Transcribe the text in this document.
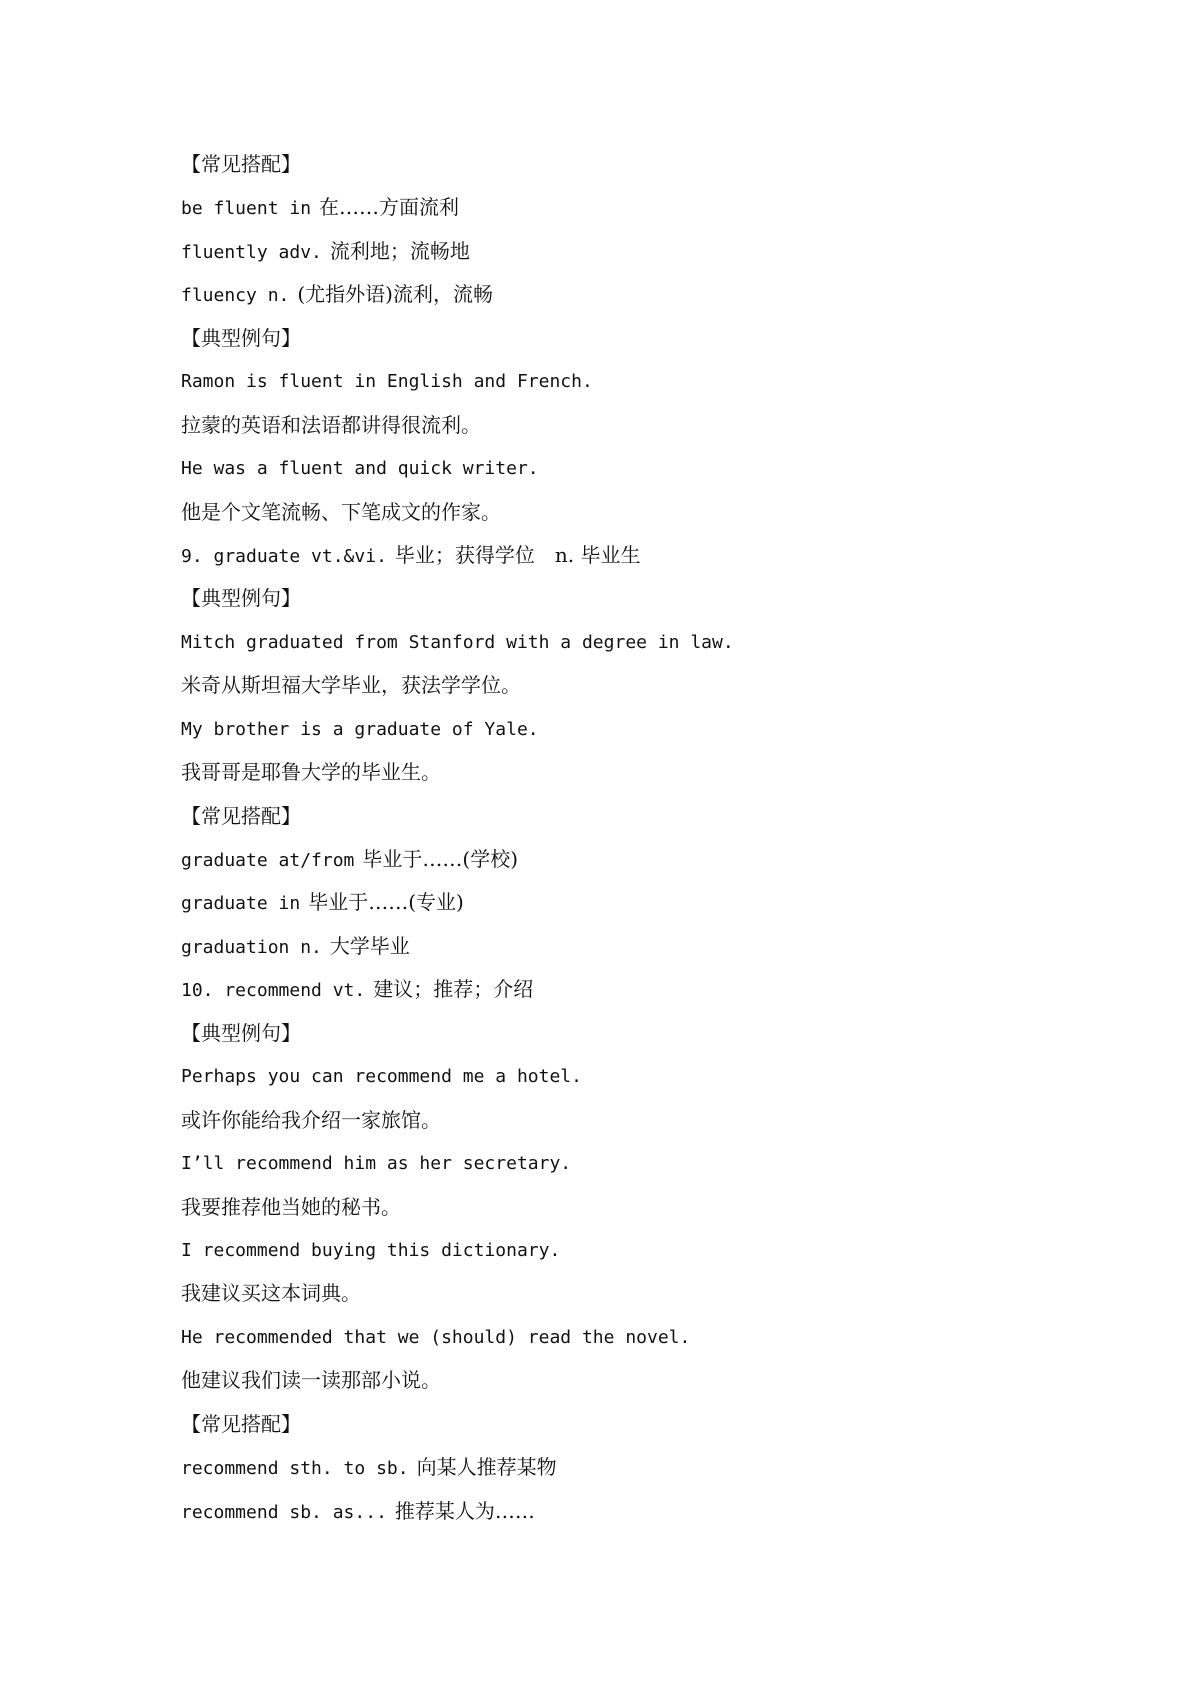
【常见搭配】
be fluent in 在……方面流利
fluently adv. 流利地；流畅地
fluency n. (尤指外语)流利，流畅
【典型例句】
Ramon is fluent in English and French.
拉蒙的英语和法语都讲得很流利。
He was a fluent and quick writer.
他是个文笔流畅、下笔成文的作家。
9. graduate vt.&vi. 毕业；获得学位　n. 毕业生
【典型例句】
Mitch graduated from Stanford with a degree in law.
米奇从斯坦福大学毕业，获法学学位。
My brother is a graduate of Yale.
我哥哥是耶鲁大学的毕业生。
【常见搭配】
graduate at/from 毕业于……(学校)
graduate in 毕业于……(专业)
graduation n. 大学毕业
10. recommend vt. 建议；推荐；介绍
【典型例句】
Perhaps you can recommend me a hotel.
或许你能给我介绍一家旅馆。
I’ll recommend him as her secretary.
我要推荐他当她的秘书。
I recommend buying this dictionary.
我建议买这本词典。
He recommended that we (should) read the novel.
他建议我们读一读那部小说。
【常见搭配】
recommend sth. to sb. 向某人推荐某物
recommend sb. as... 推荐某人为……
